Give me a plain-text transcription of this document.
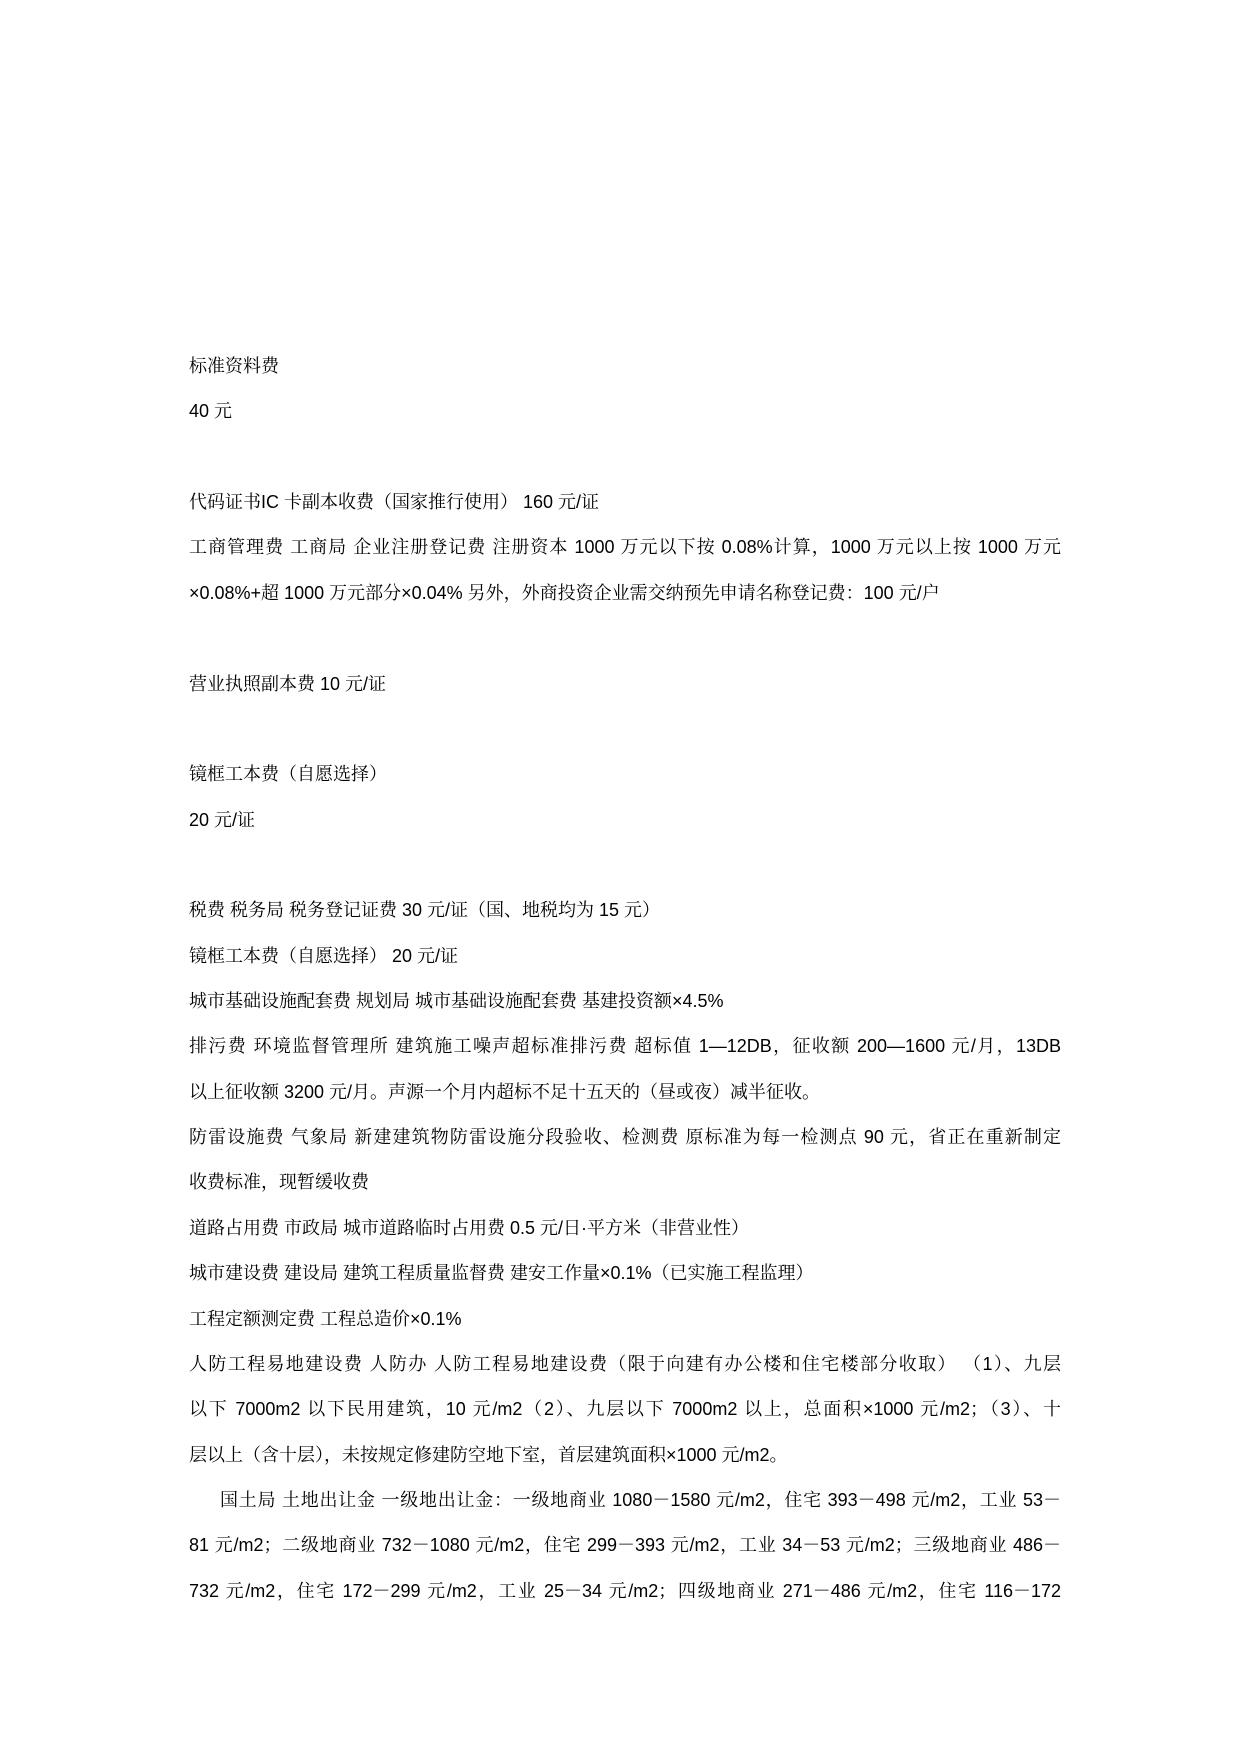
标准资料费
40 元
代码证书IC 卡副本收费（国家推行使用） 160 元/证
工商管理费 工商局 企业注册登记费 注册资本 1000 万元以下按 0.08%计算，1000 万元以上按 1000 万元
×0.08%+超 1000 万元部分×0.04% 另外，外商投资企业需交纳预先申请名称登记费：100 元/户
营业执照副本费 10 元/证
镜框工本费（自愿选择）
20 元/证
税费 税务局 税务登记证费 30 元/证（国、地税均为 15 元）
镜框工本费（自愿选择） 20 元/证
城市基础设施配套费 规划局 城市基础设施配套费 基建投资额×4.5%
排污费 环境监督管理所 建筑施工噪声超标准排污费 超标值 1—12DB，征收额 200—1600 元/月，13DB
以上征收额 3200 元/月。声源一个月内超标不足十五天的（昼或夜）减半征收。
防雷设施费 气象局 新建建筑物防雷设施分段验收、检测费 原标准为每一检测点 90 元，省正在重新制定
收费标准，现暂缓收费
道路占用费 市政局 城市道路临时占用费 0.5 元/日·平方米（非营业性）
城市建设费 建设局 建筑工程质量监督费 建安工作量×0.1%（已实施工程监理）
工程定额测定费 工程总造价×0.1%
人防工程易地建设费 人防办 人防工程易地建设费（限于向建有办公楼和住宅楼部分收取） （1）、九层
以下 7000m2 以下民用建筑，10 元/m2（2）、九层以下 7000m2 以上，总面积×1000 元/m2；（3）、十
层以上（含十层），未按规定修建防空地下室，首层建筑面积×1000 元/m2。
国土局 土地出让金 一级地出让金：一级地商业 1080－1580 元/m2，住宅 393－498 元/m2，工业 53－
81 元/m2；二级地商业 732－1080 元/m2，住宅 299－393 元/m2，工业 34－53 元/m2；三级地商业 486－
732 元/m2，住宅 172－299 元/m2，工业 25－34 元/m2；四级地商业 271－486 元/m2，住宅 116－172
